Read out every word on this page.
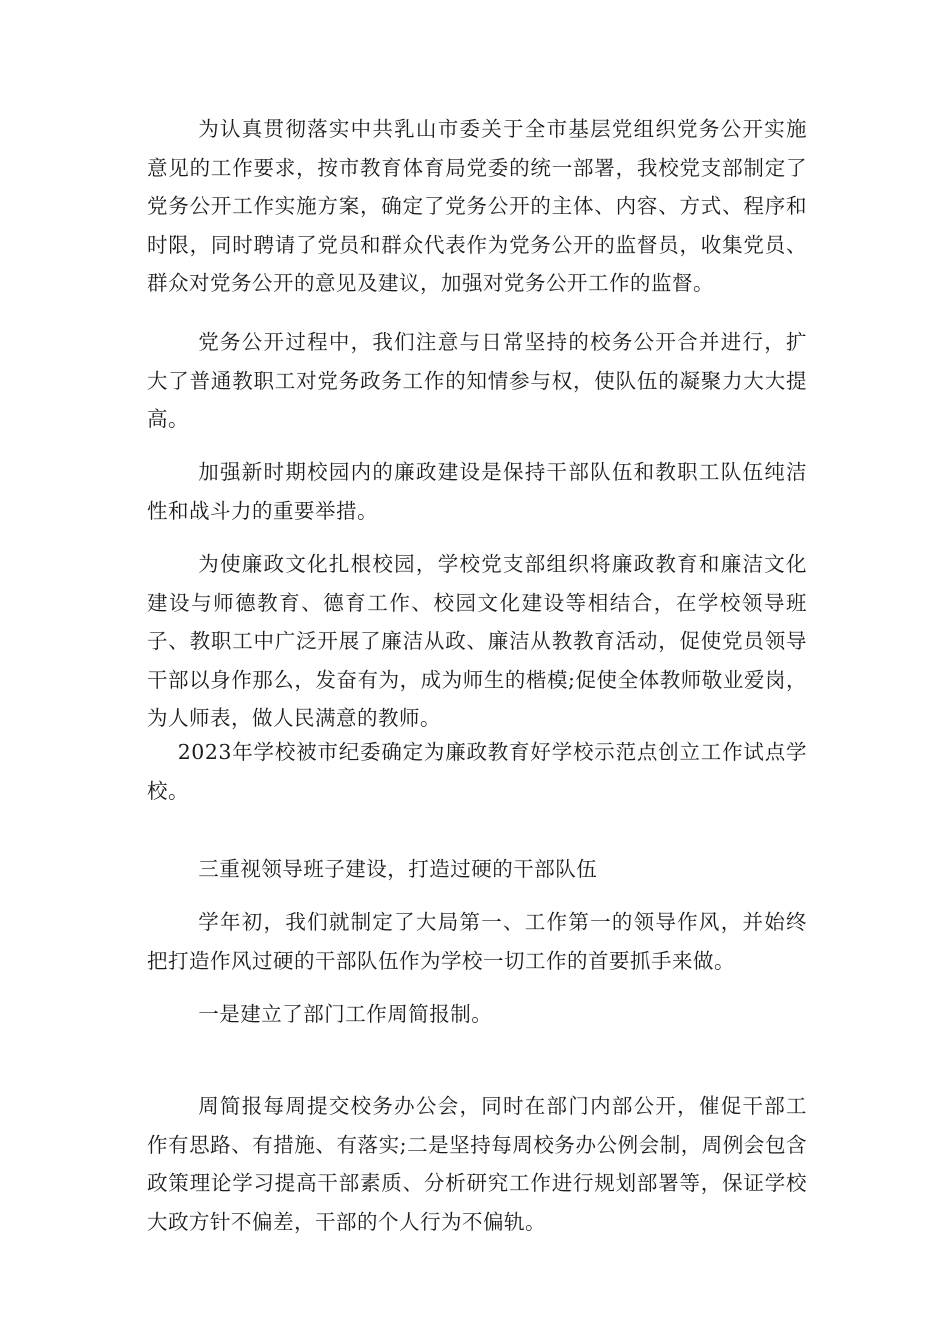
为认真贯彻落实中共乳山市委关于全市基层党组织党务公开实施意见的工作要求，按市教育体育局党委的统一部署，我校党支部制定了党务公开工作实施方案，确定了党务公开的主体、内容、方式、程序和时限，同时聘请了党员和群众代表作为党务公开的监督员，收集党员、群众对党务公开的意见及建议，加强对党务公开工作的监督。

党务公开过程中，我们注意与日常坚持的校务公开合并进行，扩大了普通教职工对党务政务工作的知情参与权，使队伍的凝聚力大大提高。

加强新时期校园内的廉政建设是保持干部队伍和教职工队伍纯洁性和战斗力的重要举措。

为使廉政文化扎根校园，学校党支部组织将廉政教育和廉洁文化建设与师德教育、德育工作、校园文化建设等相结合，在学校领导班子、教职工中广泛开展了廉洁从政、廉洁从教教育活动，促使党员领导干部以身作那么，发奋有为，成为师生的楷模;促使全体教师敬业爱岗，为人师表，做人民满意的教师。

2023年学校被市纪委确定为廉政教育好学校示范点创立工作试点学校。

三重视领导班子建设，打造过硬的干部队伍

学年初，我们就制定了大局第一、工作第一的领导作风，并始终把打造作风过硬的干部队伍作为学校一切工作的首要抓手来做。

一是建立了部门工作周简报制。

周简报每周提交校务办公会，同时在部门内部公开，催促干部工作有思路、有措施、有落实;二是坚持每周校务办公例会制，周例会包含政策理论学习提高干部素质、分析研究工作进行规划部署等，保证学校大政方针不偏差，干部的个人行为不偏轨。
